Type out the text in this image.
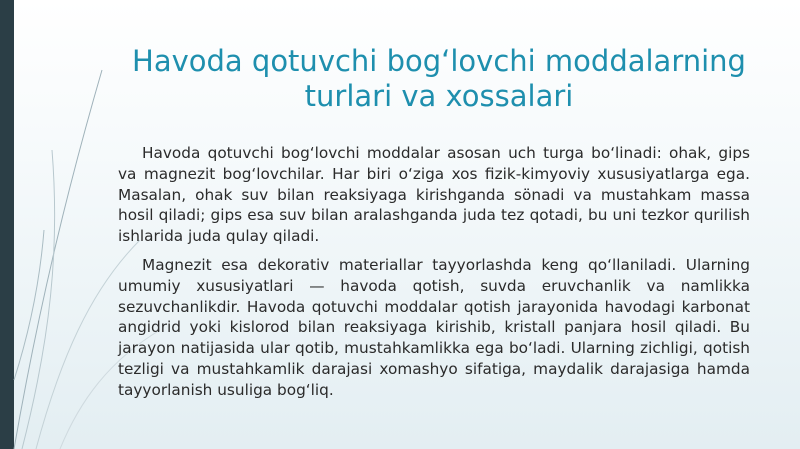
Havoda qotuvchi bog‘lovchi moddalarning turlari va xossalari

Havoda qotuvchi bog‘lovchi moddalar asosan uch turga bo‘linadi: ohak, gips va magnezit bog‘lovchilar. Har biri o‘ziga xos fizik-kimyoviy xususiyatlarga ega. Masalan, ohak suv bilan reaksiyaga kirishganda sönadi va mustahkam massa hosil qiladi; gips esa suv bilan aralashganda juda tez qotadi, bu uni tezkor qurilish ishlarida juda qulay qiladi.

Magnezit esa dekorativ materiallar tayyorlashda keng qo‘llaniladi. Ularning umumiy xususiyatlari — havoda qotish, suvda eruvchanlik va namlikka sezuvchanlikdir. Havoda qotuvchi moddalar qotish jarayonida havodagi karbonat angidrid yoki kislorod bilan reaksiyaga kirishib, kristall panjara hosil qiladi. Bu jarayon natijasida ular qotib, mustahkamlikka ega bo‘ladi. Ularning zichligi, qotish tezligi va mustahkamlik darajasi xomashyo sifatiga, maydalik darajasiga hamda tayyorlanish usuliga bog‘liq.
